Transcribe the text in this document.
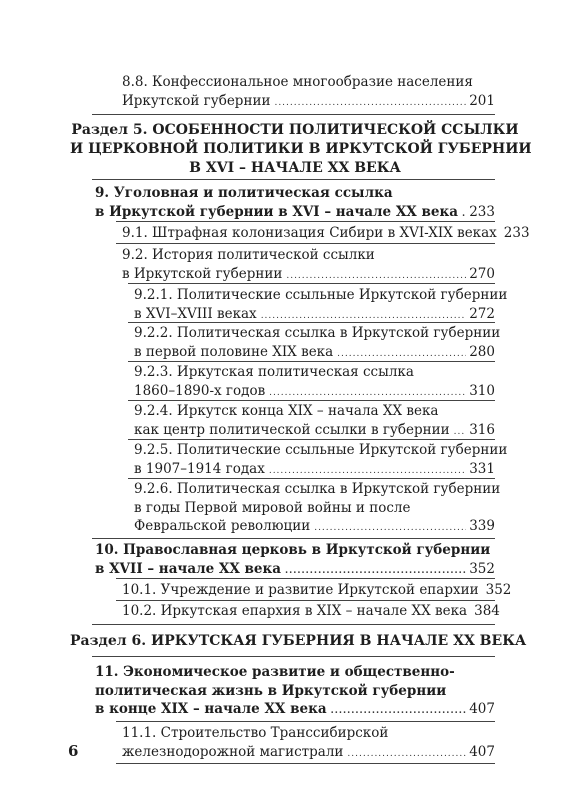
8.8. Конфессиональное многообразие населения
Иркутской губернии .....	201
Раздел 5. ОСОБЕННОСТИ ПОЛИТИЧЕСКОЙ ССЫЛКИ
И ЦЕРКОВНОЙ ПОЛИТИКИ В ИРКУТСКОЙ ГУБЕРНИИ
В XVI – НАЧАЛЕ XX ВЕКА
9. Уголовная и политическая ссылка
в Иркутской губернии в XVI – начале XX века ..... 233
9.1. Штрафная колонизация Сибири в XVI-XIX веках 233
9.2. История политической ссылки
в Иркутской губернии .....	270
9.2.1. Политические ссыльные Иркутской губернии
в XVI–XVIII веках .....	272
9.2.2. Политическая ссылка в Иркутской губернии
в первой половине XIX века .....	280
9.2.3. Иркутская политическая ссылка
1860–1890-х годов .....	310
9.2.4. Иркутск конца XIX – начала XX века
как центр политической ссылки в губернии ..... 316
9.2.5. Политические ссыльные Иркутской губернии
в 1907–1914 годах .....	331
9.2.6. Политическая ссылка в Иркутской губернии
в годы Первой мировой войны и после
Февральской революции .....	339
10. Православная церковь в Иркутской губернии
в XVII – начале XX века .....	352
10.1. Учреждение и развитие Иркутской епархии 352
10.2. Иркутская епархия в XIX – начале XX века 384
Раздел 6. ИРКУТСКАЯ ГУБЕРНИЯ В НАЧАЛЕ XX ВЕКА
11. Экономическое развитие и общественно-
политическая жизнь в Иркутской губернии
в конце XIX – начале XX века .....	407
11.1. Строительство Транссибирской
железнодорожной магистрали .....	407
6
